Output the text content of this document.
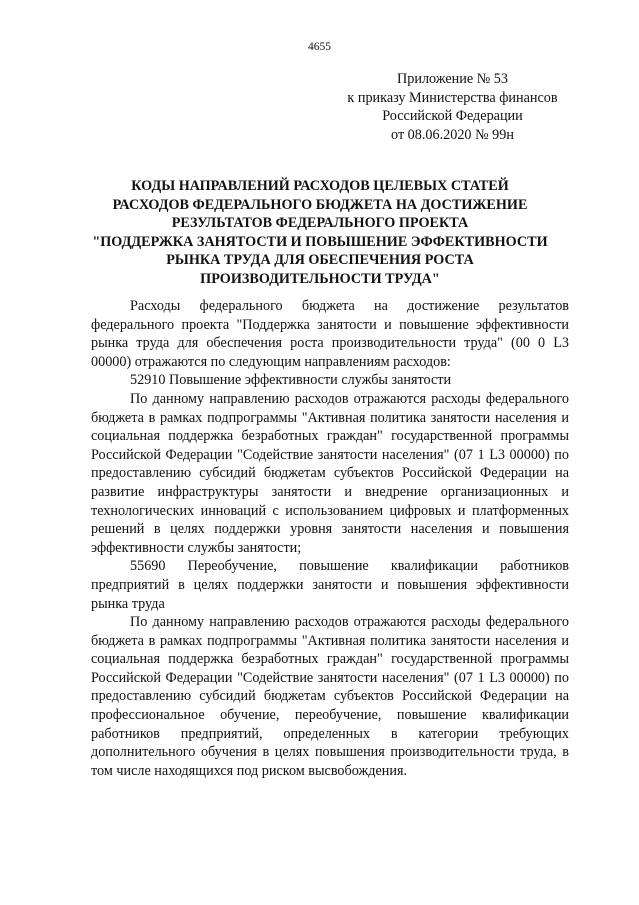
4655
Приложение № 53
к приказу Министерства финансов
Российской Федерации
от 08.06.2020 № 99н
КОДЫ НАПРАВЛЕНИЙ РАСХОДОВ ЦЕЛЕВЫХ СТАТЕЙ
РАСХОДОВ ФЕДЕРАЛЬНОГО БЮДЖЕТА НА ДОСТИЖЕНИЕ
РЕЗУЛЬТАТОВ ФЕДЕРАЛЬНОГО ПРОЕКТА
"ПОДДЕРЖКА ЗАНЯТОСТИ И ПОВЫШЕНИЕ ЭФФЕКТИВНОСТИ
РЫНКА ТРУДА ДЛЯ ОБЕСПЕЧЕНИЯ РОСТА
ПРОИЗВОДИТЕЛЬНОСТИ ТРУДА"

Расходы федерального бюджета на достижение результатов федерального проекта "Поддержка занятости и повышение эффективности рынка труда для обеспечения роста производительности труда" (00 0 L3 00000) отражаются по следующим направлениям расходов:

52910 Повышение эффективности службы занятости

По данному направлению расходов отражаются расходы федерального бюджета в рамках подпрограммы "Активная политика занятости населения и социальная поддержка безработных граждан" государственной программы Российской Федерации "Содействие занятости населения" (07 1 L3 00000) по предоставлению субсидий бюджетам субъектов Российской Федерации на развитие инфраструктуры занятости и внедрение организационных и технологических инноваций с использованием цифровых и платформенных решений в целях поддержки уровня занятости населения и повышения эффективности службы занятости;

55690 Переобучение, повышение квалификации работников предприятий в целях поддержки занятости и повышения эффективности рынка труда

По данному направлению расходов отражаются расходы федерального бюджета в рамках подпрограммы "Активная политика занятости населения и социальная поддержка безработных граждан" государственной программы Российской Федерации "Содействие занятости населения" (07 1 L3 00000) по предоставлению субсидий бюджетам субъектов Российской Федерации на профессиональное обучение, переобучение, повышение квалификации работников предприятий, определенных в категории требующих дополнительного обучения в целях повышения производительности труда, в том числе находящихся под риском высвобождения.
